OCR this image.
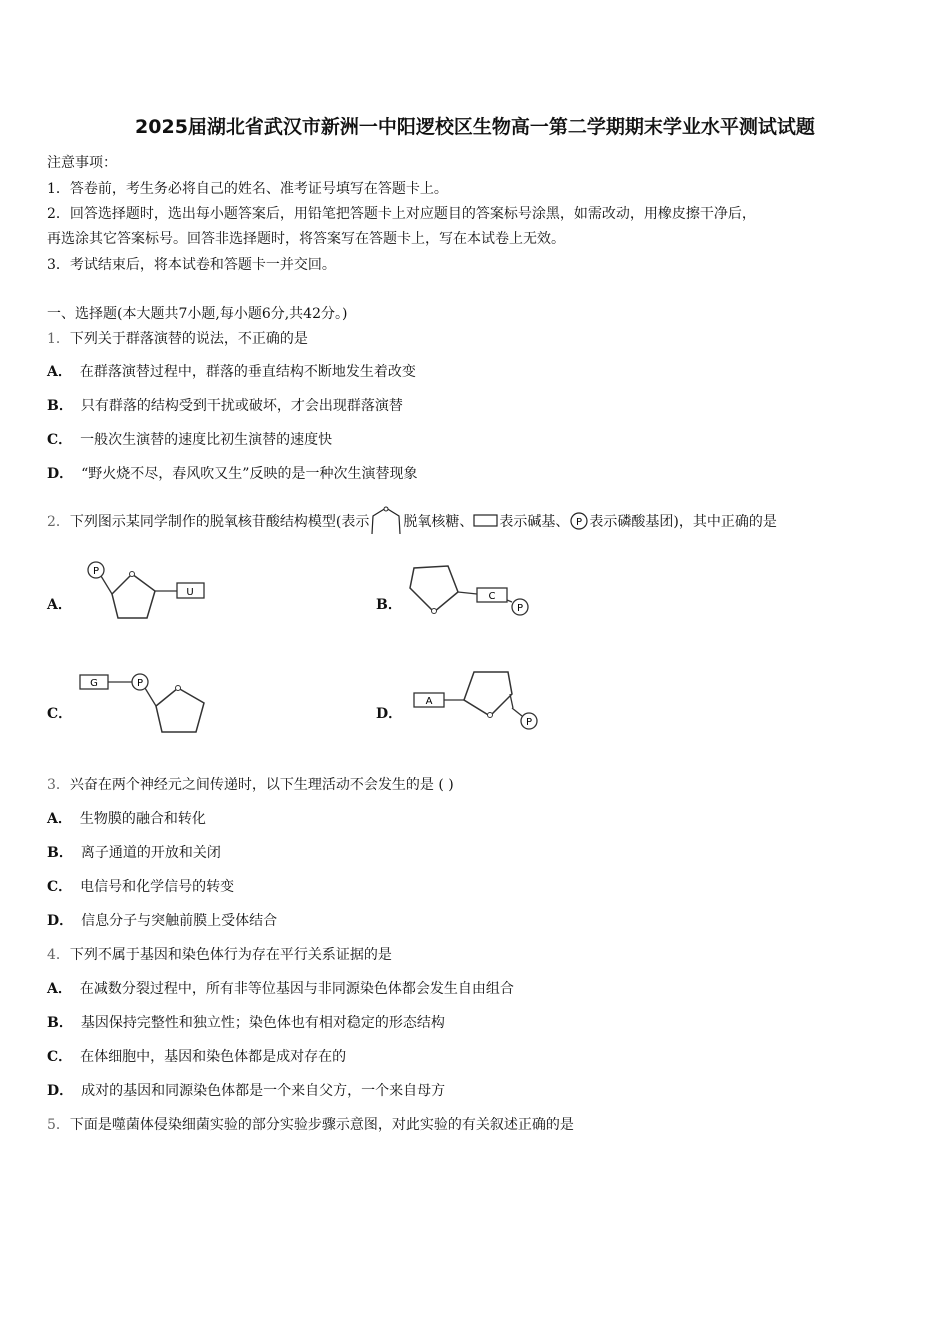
2025届湖北省武汉市新洲一中阳逻校区生物高一第二学期期末学业水平测试试题
注意事项：
1．答卷前，考生务必将自己的姓名、准考证号填写在答题卡上。
2．回答选择题时，选出每小题答案后，用铅笔把答题卡上对应题目的答案标号涂黑，如需改动，用橡皮擦干净后，
再选涂其它答案标号。回答非选择题时，将答案写在答题卡上，写在本试卷上无效。
3．考试结束后，将本试卷和答题卡一并交回。
一、选择题(本大题共7小题,每小题6分,共42分。)
1．下列关于群落演替的说法，不正确的是
A． 在群落演替过程中，群落的垂直结构不断地发生着改变
B． 只有群落的结构受到干扰或破坏，才会出现群落演替
C． 一般次生演替的速度比初生演替的速度快
D． “野火烧不尽，春风吹又生”反映的是一种次生演替现象
2． 下列图示某同学制作的脱氧核苷酸结构模型(表示 脱氧核糖、 表示碱基、 P 表示磷酸基团)，其中正确的是
A．
P
U
B．
C
P
C．
G	P
D．
A
P
3．兴奋在两个神经元之间传递时，以下生理活动不会发生的是 ( )
A． 生物膜的融合和转化
B． 离子通道的开放和关闭
C． 电信号和化学信号的转变
D． 信息分子与突触前膜上受体结合
4．下列不属于基因和染色体行为存在平行关系证据的是
A． 在减数分裂过程中，所有非等位基因与非同源染色体都会发生自由组合
B． 基因保持完整性和独立性；染色体也有相对稳定的形态结构
C． 在体细胞中，基因和染色体都是成对存在的
D． 成对的基因和同源染色体都是一个来自父方，一个来自母方
5．下面是噬菌体侵染细菌实验的部分实验步骤示意图，对此实验的有关叙述正确的是
